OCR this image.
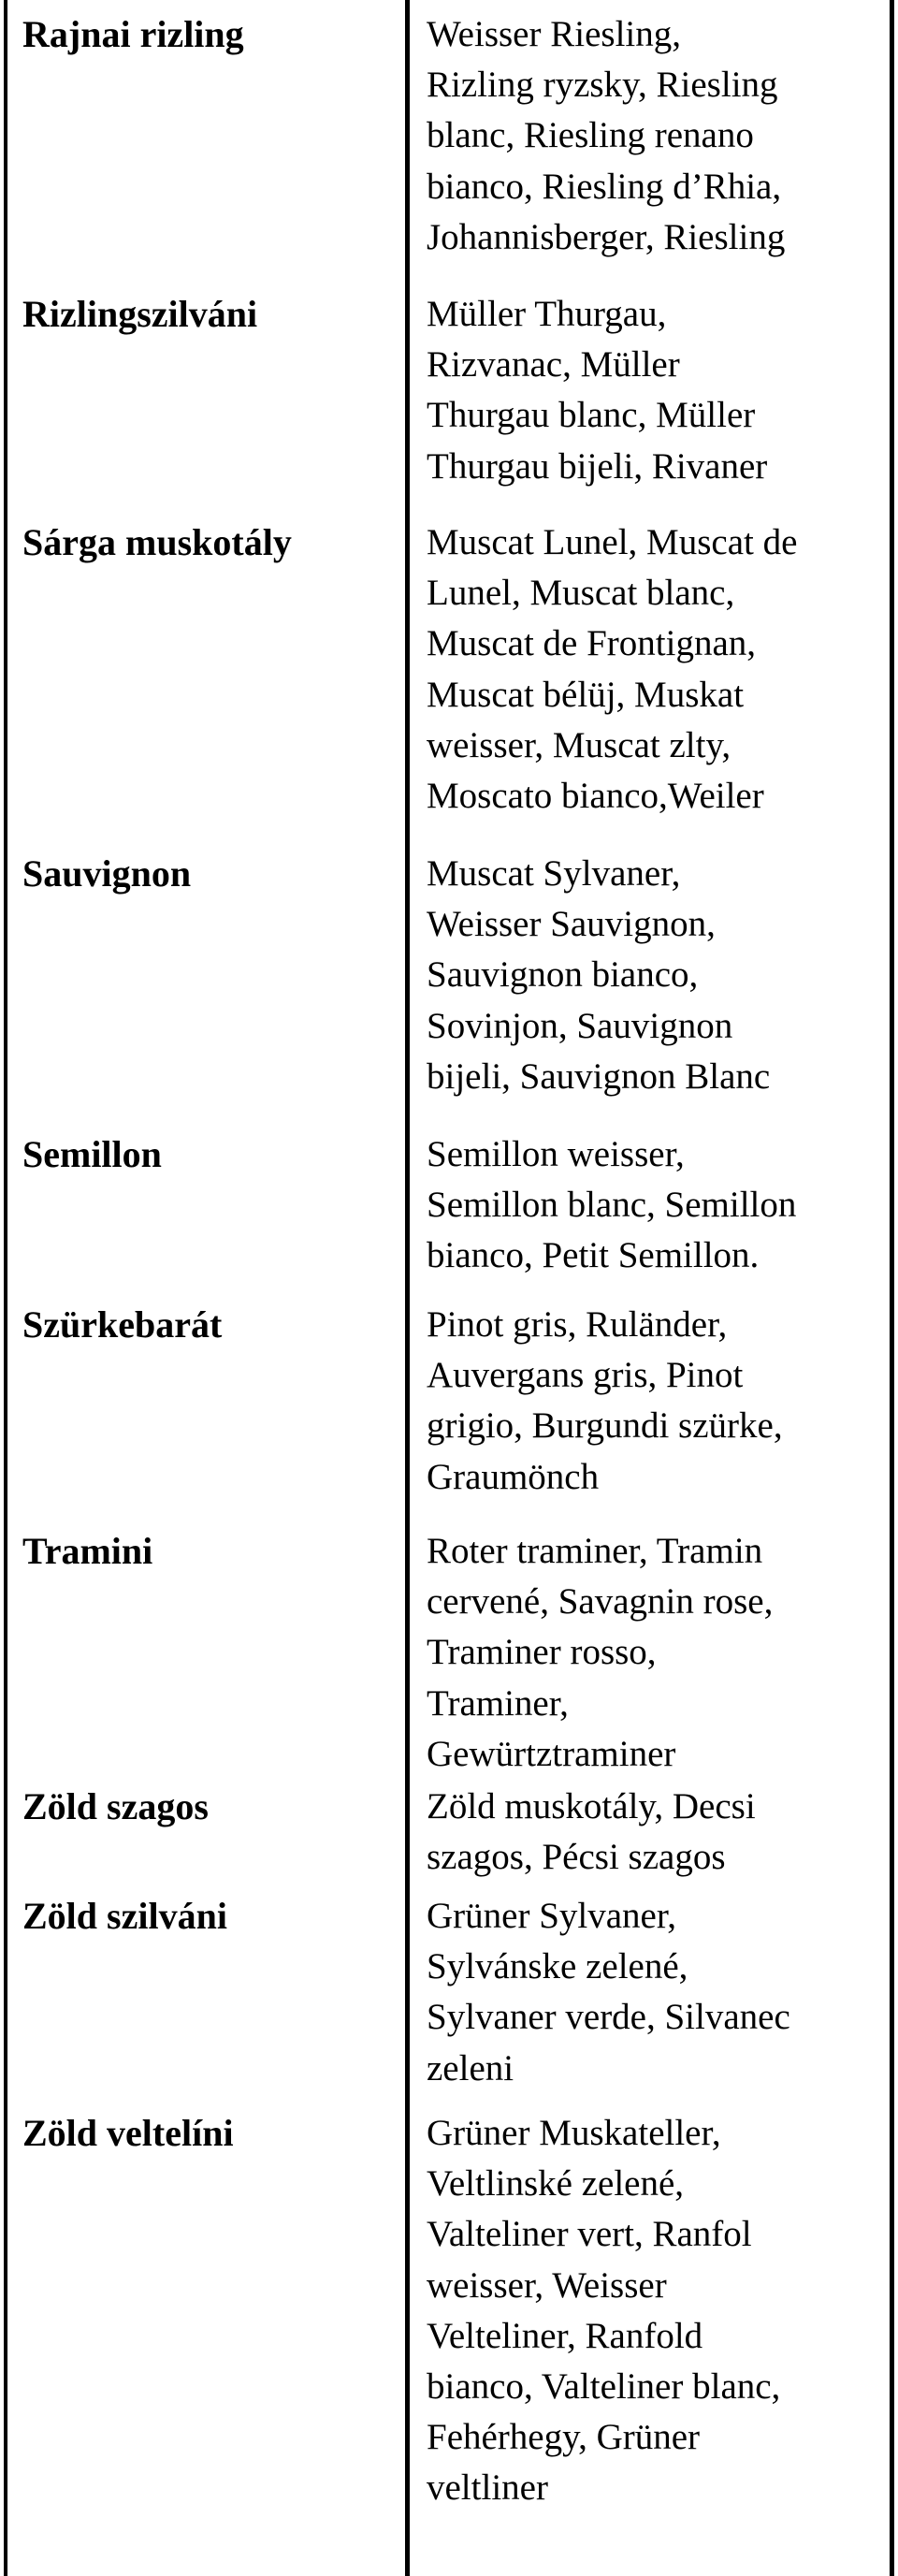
Rajnai rizling	Weisser Riesling,
Rizling ryzsky, Riesling
blanc, Riesling renano
bianco, Riesling d’Rhia,
Johannisberger, Riesling
Rizlingszilváni	Müller Thurgau,
Rizvanac, Müller
Thurgau blanc, Müller
Thurgau bijeli, Rivaner
Sárga muskotály	Muscat Lunel, Muscat de
Lunel, Muscat blanc,
Muscat de Frontignan,
Muscat bélüj, Muskat
weisser, Muscat zlty,
Moscato bianco,Weiler
Sauvignon	Muscat Sylvaner,
Weisser Sauvignon,
Sauvignon bianco,
Sovinjon, Sauvignon
bijeli, Sauvignon Blanc
Semillon	Semillon weisser,
Semillon blanc, Semillon
bianco, Petit Semillon.
Szürkebarát	Pinot gris, Ruländer,
Auvergans gris, Pinot
grigio, Burgundi szürke,
Graumönch
Tramini	Roter traminer, Tramin
cervené, Savagnin rose,
Traminer rosso,
Traminer,
Gewürtztraminer
Zöld szagos	Zöld muskotály, Decsi
szagos, Pécsi szagos
Zöld szilváni	Grüner Sylvaner,
Sylvánske zelené,
Sylvaner verde, Silvanec
zeleni
Zöld veltelíni	Grüner Muskateller,
Veltlinské zelené,
Valteliner vert, Ranfol
weisser, Weisser
Velteliner, Ranfold
bianco, Valteliner blanc,
Fehérhegy, Grüner
veltliner
